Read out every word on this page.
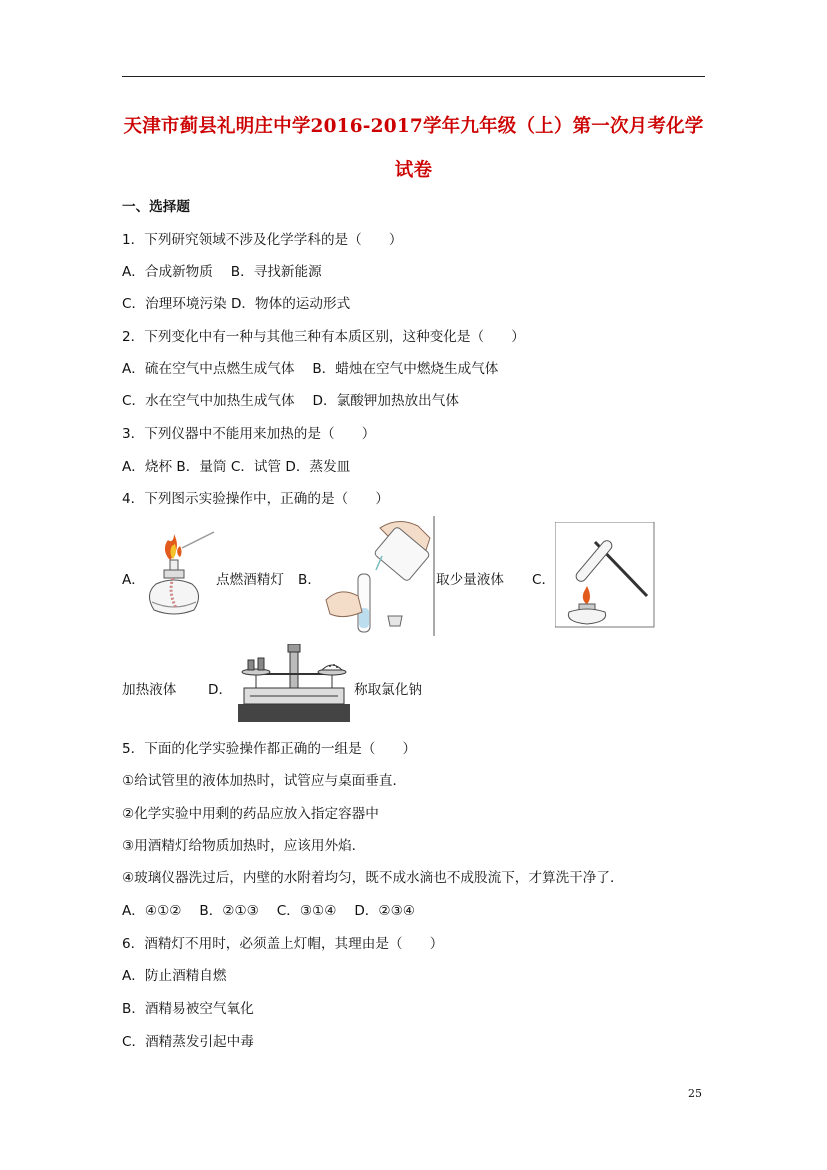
天津市蓟县礼明庄中学2016-2017学年九年级（上）第一次月考化学
试卷
一、选择题
1．下列研究领域不涉及化学学科的是（　　）
A．合成新物质　 B．寻找新能源
C．治理环境污染 D．物体的运动形式
2．下列变化中有一种与其他三种有本质区别，这种变化是（　　）
A．硫在空气中点燃生成气体　 B．蜡烛在空气中燃烧生成气体
C．水在空气中加热生成气体　 D．氯酸钾加热放出气体
3．下列仪器中不能用来加热的是（　　）
A．烧杯 B．量筒 C．试管 D．蒸发皿
4．下列图示实验操作中，正确的是（　　）
A．	点燃酒精灯 B．	取少量液体 C．
加热液体 D．	称取氯化钠
5．下面的化学实验操作都正确的一组是（　　）
①给试管里的液体加热时，试管应与桌面垂直．
②化学实验中用剩的药品应放入指定容器中
③用酒精灯给物质加热时，应该用外焰．
④玻璃仪器洗过后，内壁的水附着均匀，既不成水滴也不成股流下，才算洗干净了．
A．④①②　 B．②①③　 C．③①④　 D．②③④
6．酒精灯不用时，必须盖上灯帽，其理由是（　　）
A．防止酒精自燃
B．酒精易被空气氧化
C．酒精蒸发引起中毒
25
